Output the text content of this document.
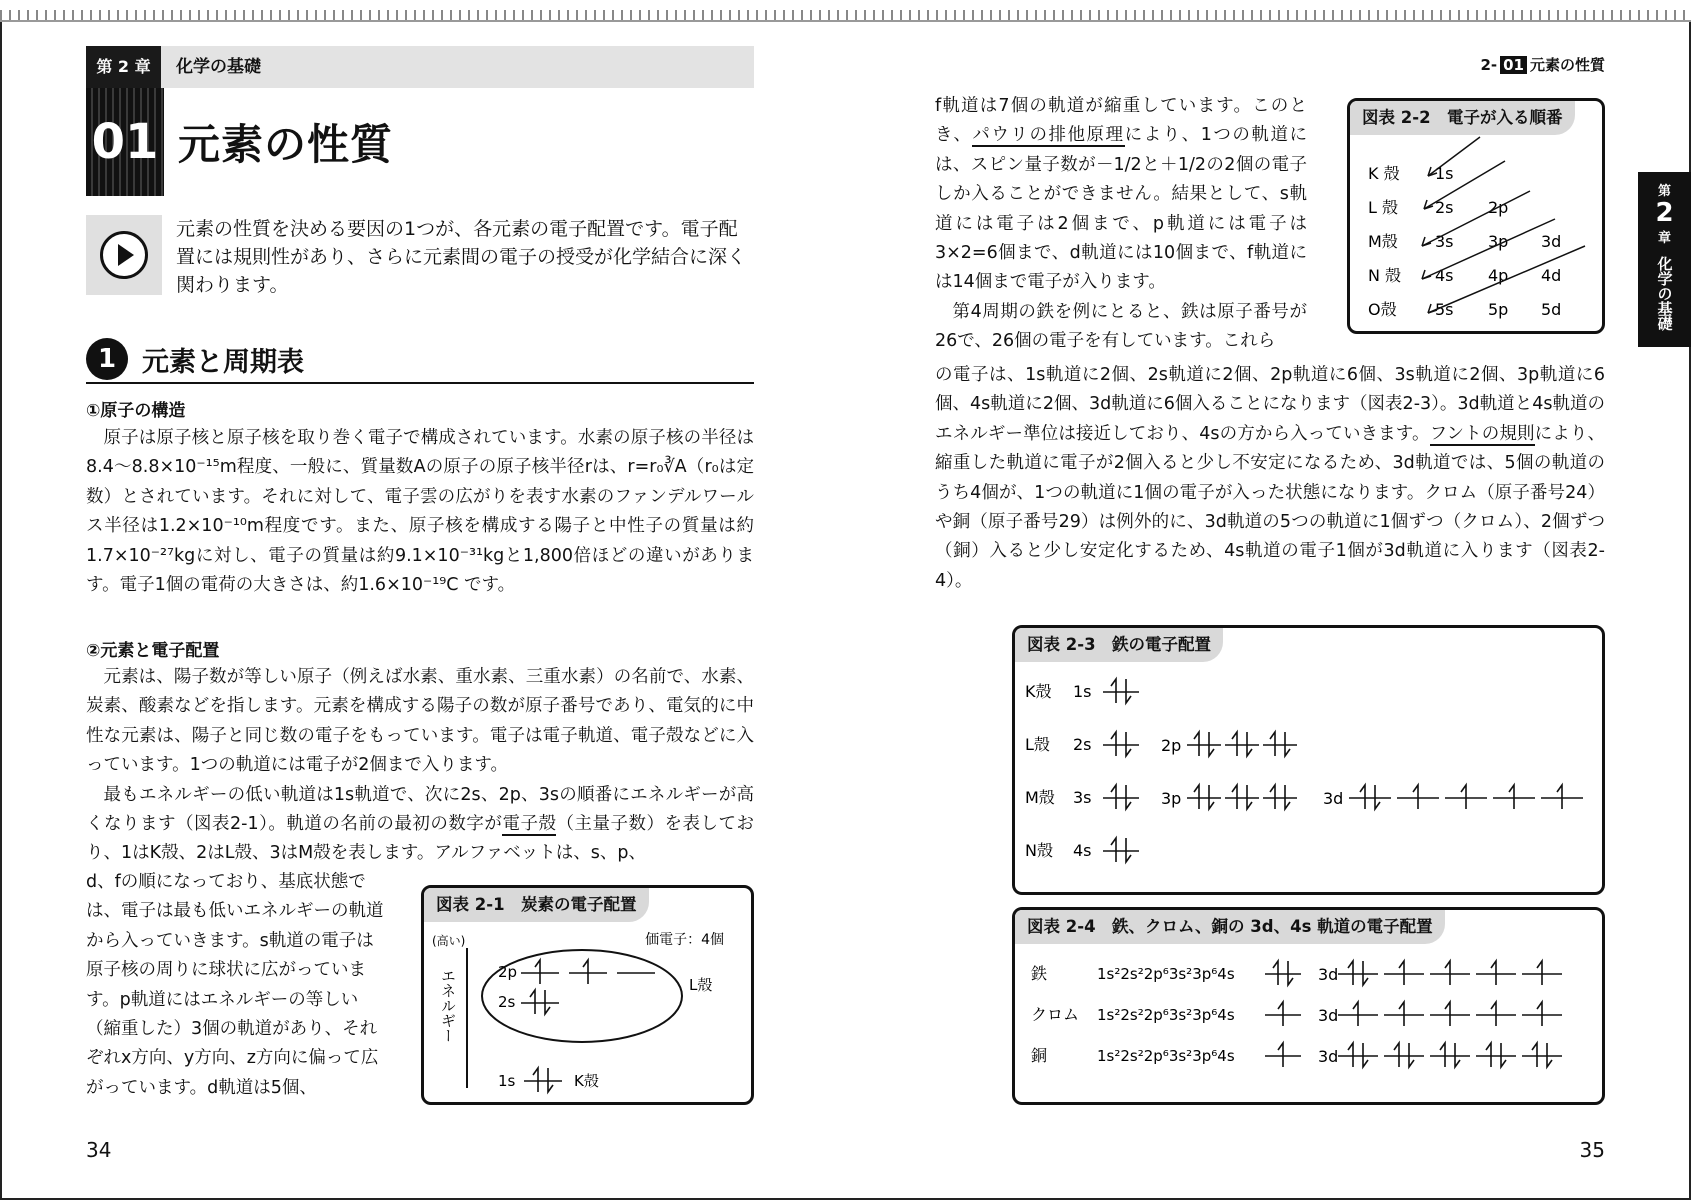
第 2 章	化学の基礎
01 元素の性質
元素の性質を決める要因の1つが、各元素の電子配置です。電子配置には規則性があり、さらに元素間の電子の授受が化学結合に深く関わります。
1 元素と周期表
①原子の構造

原子は原子核と原子核を取り巻く電子で構成されています。水素の原子核の半径は8.4～8.8×10⁻¹⁵m程度、一般に、質量数Aの原子の原子核半径rは、r=r₀∛A（r₀は定数）とされています。それに対して、電子雲の広がりを表す水素のファンデルワールス半径は1.2×10⁻¹⁰m程度です。また、原子核を構成する陽子と中性子の質量は約1.7×10⁻²⁷kgに対し、電子の質量は約9.1×10⁻³¹kgと1,800倍ほどの違いがあります。電子1個の電荷の大きさは、約1.6×10⁻¹⁹C です。

②元素と電子配置

元素は、陽子数が等しい原子（例えば水素、重水素、三重水素）の名前で、水素、炭素、酸素などを指します。元素を構成する陽子の数が原子番号であり、電気的に中性な元素は、陽子と同じ数の電子をもっています。電子は電子軌道、電子殻などに入っています。1つの軌道には電子が2個まで入ります。

最もエネルギーの低い軌道は1s軌道で、次に2s、2p、3sの順番にエネルギーが高くなります（図表2-1）。軌道の名前の最初の数字が電子殻（主量子数）を表しており、1はK殻、2はL殻、3はM殻を表します。アルファベットは、s、p、

d、fの順になっており、基底状態では、電子は最も低いエネルギーの軌道から入っていきます。s軌道の電子は原子核の周りに球状に広がっています。p軌道にはエネルギーの等しい（縮重した）3個の軌道があり、それぞれx方向、y方向、z方向に偏って広がっています。d軌道は5個、
図表 2-1　炭素の電子配置
(高い)	価電子：4個
エネルギー	L殻
2p
2s
1s	K殻
34
2- 01 元素の性質
f軌道は7個の軌道が縮重しています。このとき、パウリの排他原理により、1つの軌道には、スピン量子数が－1/2と＋1/2の2個の電子しか入ることができません。結果として、s軌道には電子は2個まで、p軌道には電子は3×2=6個まで、d軌道には10個まで、f軌道には14個まで電子が入ります。

第4周期の鉄を例にとると、鉄は原子番号が26で、26個の電子を有しています。これら

図表 2-2　電子が入る順番
K 殻 1s
L 殻 2s 2p
M殻 3s 3p 3d
N 殻 4s 4p 4d
O殻 5s 5p 5d
の電子は、1s軌道に2個、2s軌道に2個、2p軌道に6個、3s軌道に2個、3p軌道に6個、4s軌道に2個、3d軌道に6個入ることになります（図表2-3）。3d軌道と4s軌道のエネルギー準位は接近しており、4sの方から入っていきます。フントの規則により、縮重した軌道に電子が2個入ると少し不安定になるため、3d軌道では、5個の軌道のうち4個が、1つの軌道に1個の電子が入った状態になります。クロム（原子番号24）や銅（原子番号29）は例外的に、3d軌道の5つの軌道に1個ずつ（クロム）、2個ずつ（銅）入ると少し安定化するため、4s軌道の電子1個が3d軌道に入ります（図表2-4）。
図表 2-3　鉄の電子配置
K殻 1s
L殻 2s	2p
M殻 3s	3p	3d
N殻 4s
図表 2-4　鉄、クロム、銅の 3d、4s 軌道の電子配置
鉄	1s²2s²2p⁶3s²3p⁶4s	3d
クロム 1s²2s²2p⁶3s²3p⁶4s	3d
銅	1s²2s²2p⁶3s²3p⁶4s	3d
35
第
2
章
化学の基礎
